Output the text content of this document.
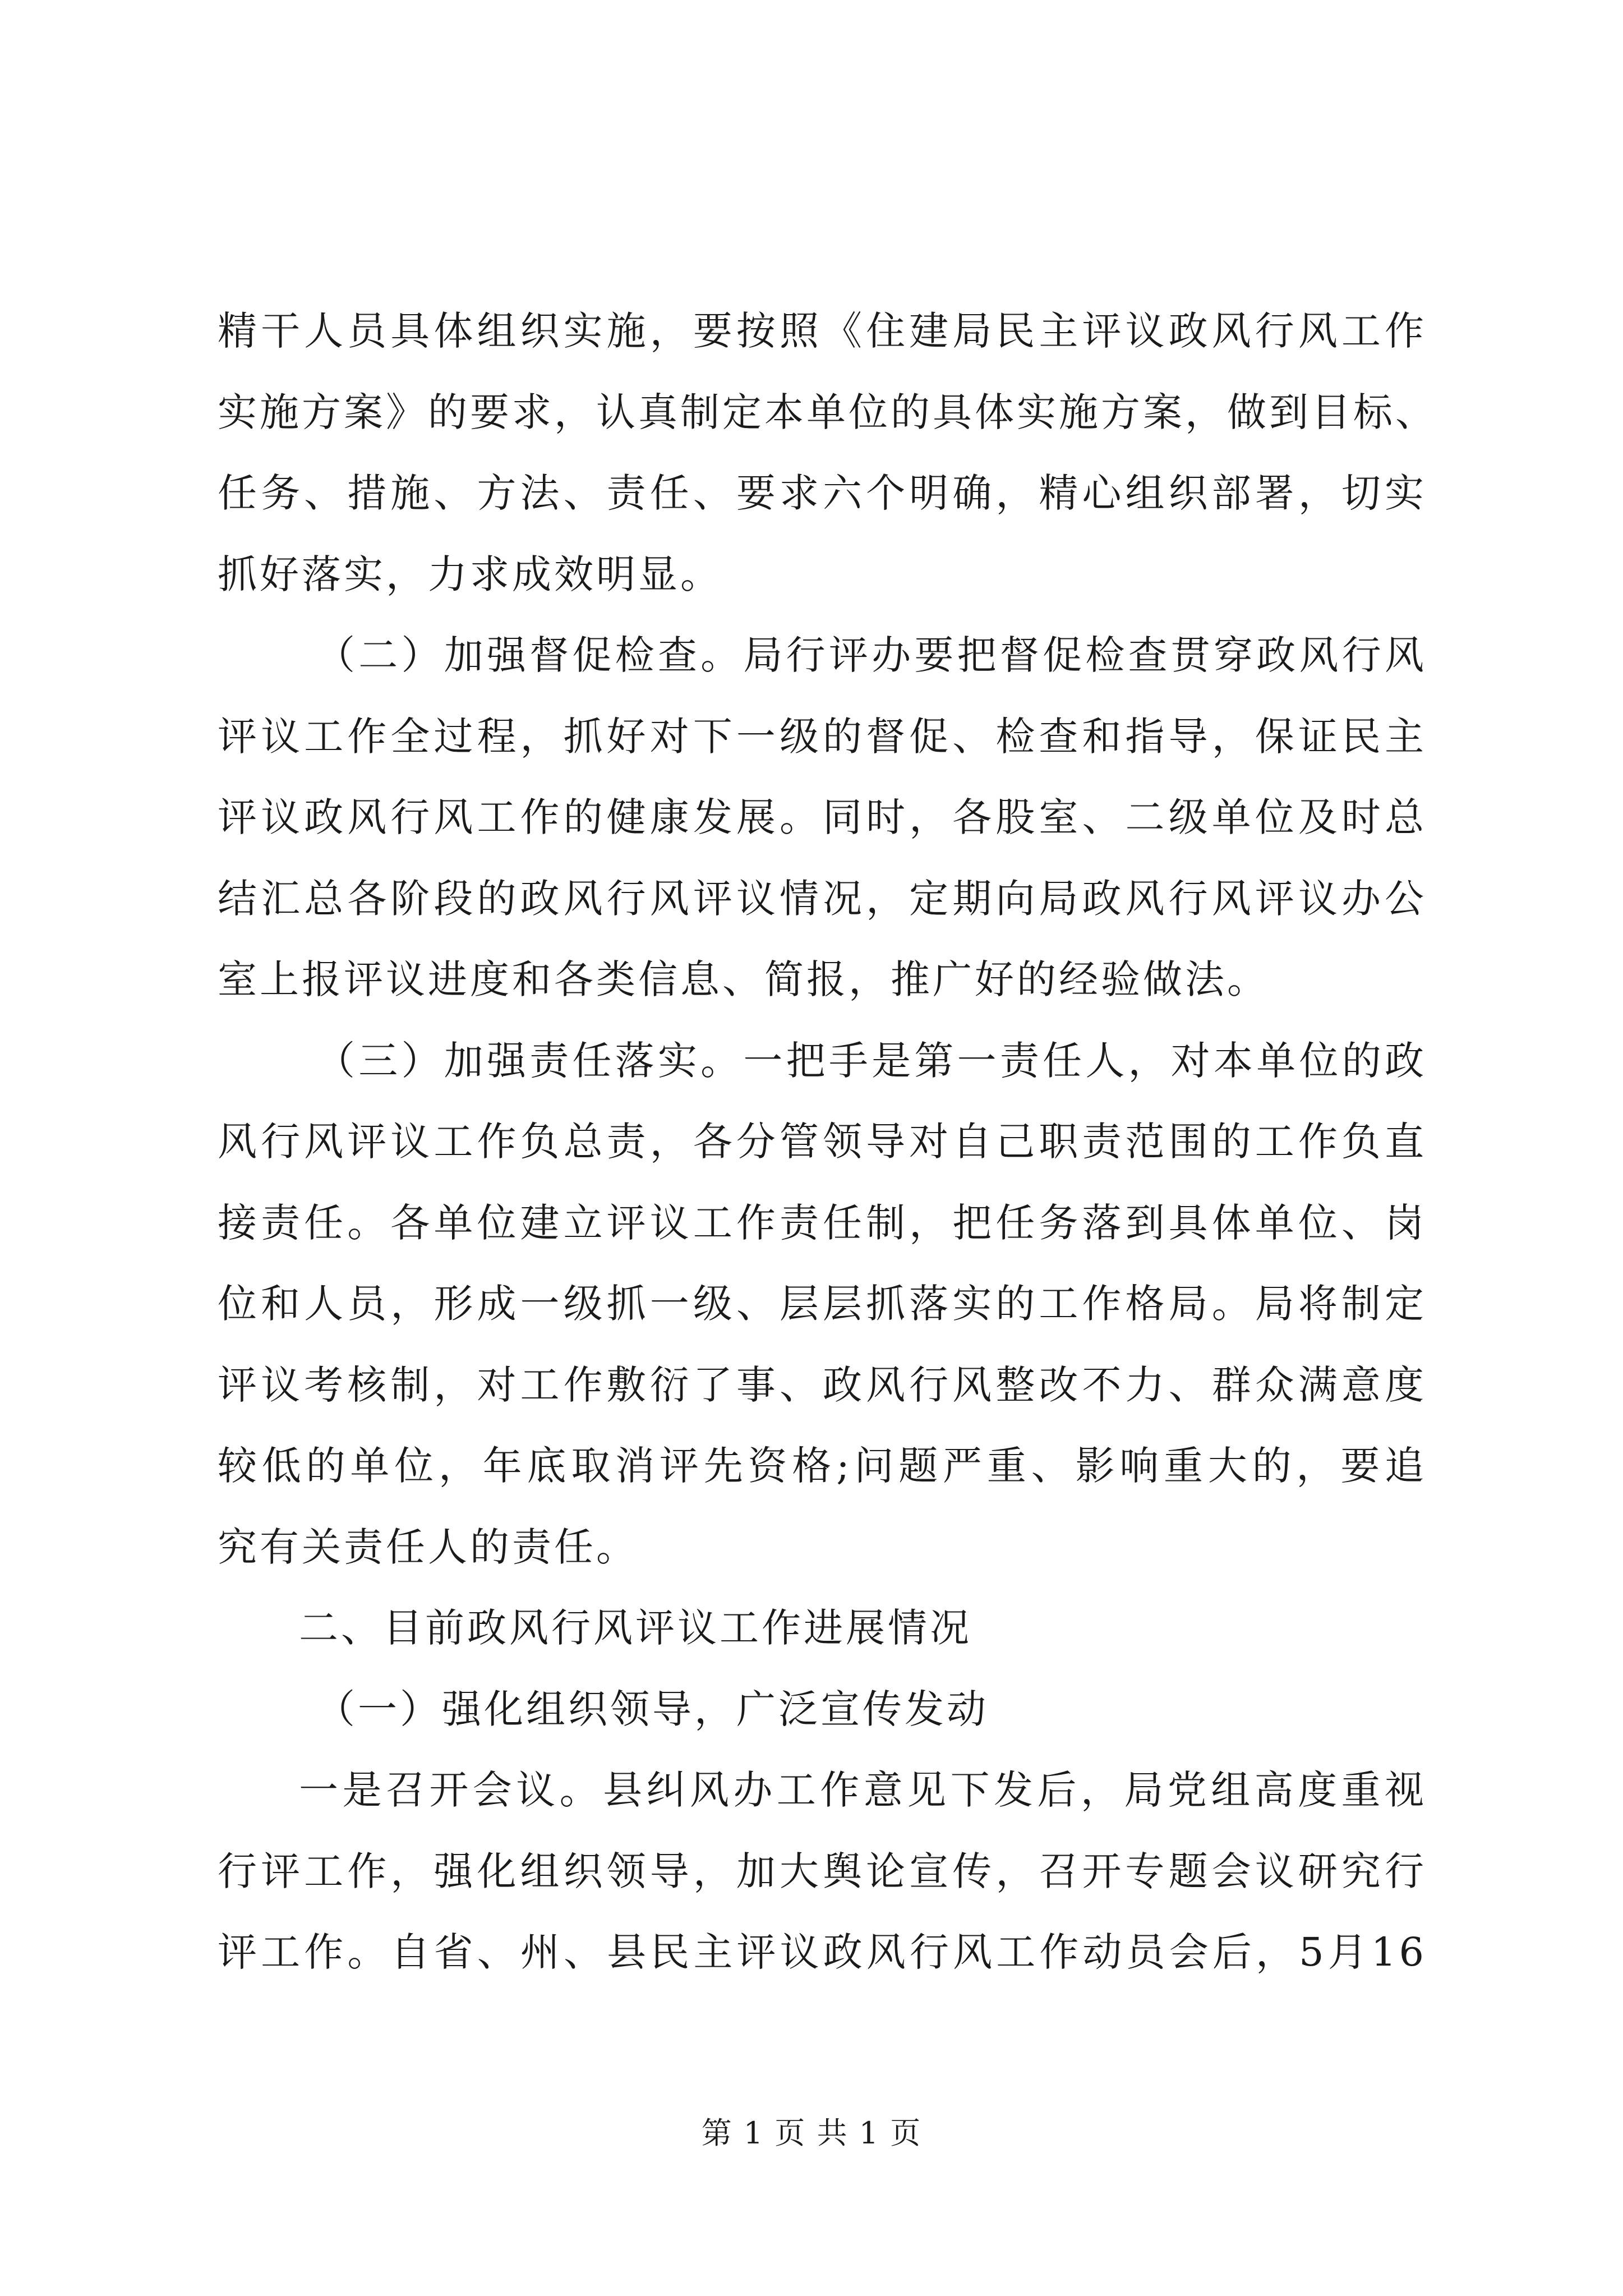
精干人员具体组织实施，要按照《住建局民主评议政风行风工作
实施方案》的要求，认真制定本单位的具体实施方案，做到目标、
任务、措施、方法、责任、要求六个明确，精心组织部署，切实
抓好落实，力求成效明显。
（二）加强督促检查。局行评办要把督促检查贯穿政风行风
评议工作全过程，抓好对下一级的督促、检查和指导，保证民主
评议政风行风工作的健康发展。同时，各股室、二级单位及时总
结汇总各阶段的政风行风评议情况，定期向局政风行风评议办公
室上报评议进度和各类信息、简报，推广好的经验做法。
（三）加强责任落实。一把手是第一责任人，对本单位的政
风行风评议工作负总责，各分管领导对自己职责范围的工作负直
接责任。各单位建立评议工作责任制，把任务落到具体单位、岗
位和人员，形成一级抓一级、层层抓落实的工作格局。局将制定
评议考核制，对工作敷衍了事、政风行风整改不力、群众满意度
较低的单位，年底取消评先资格;问题严重、影响重大的，要追
究有关责任人的责任。
二、目前政风行风评议工作进展情况
（一）强化组织领导，广泛宣传发动
一是召开会议。县纠风办工作意见下发后，局党组高度重视
行评工作，强化组织领导，加大舆论宣传，召开专题会议研究行
评工作。自省、州、县民主评议政风行风工作动员会后，5月16
第 1 页 共 1 页
